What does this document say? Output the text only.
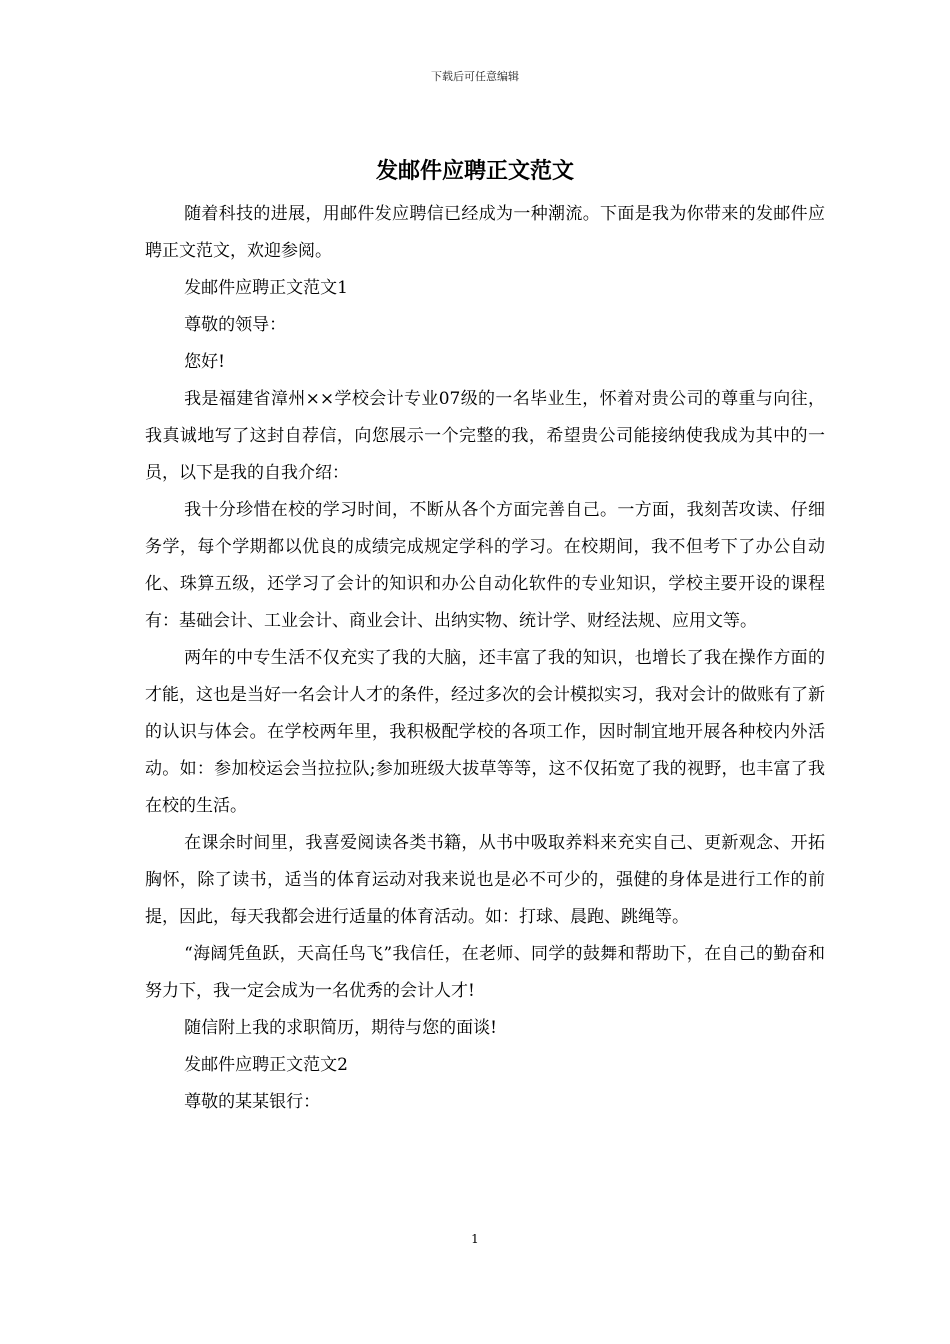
下载后可任意编辑
发邮件应聘正文范文

随着科技的进展，用邮件发应聘信已经成为一种潮流。下面是我为你带来的发邮件应聘正文范文，欢迎参阅。

发邮件应聘正文范文1

尊敬的领导：

您好!

我是福建省漳州××学校会计专业07级的一名毕业生，怀着对贵公司的尊重与向往，我真诚地写了这封自荐信，向您展示一个完整的我，希望贵公司能接纳使我成为其中的一员，以下是我的自我介绍：

我十分珍惜在校的学习时间，不断从各个方面完善自己。一方面，我刻苦攻读、仔细务学，每个学期都以优良的成绩完成规定学科的学习。在校期间，我不但考下了办公自动化、珠算五级，还学习了会计的知识和办公自动化软件的专业知识，学校主要开设的课程有：基础会计、工业会计、商业会计、出纳实物、统计学、财经法规、应用文等。

两年的中专生活不仅充实了我的大脑，还丰富了我的知识，也增长了我在操作方面的才能，这也是当好一名会计人才的条件，经过多次的会计模拟实习，我对会计的做账有了新的认识与体会。在学校两年里，我积极配学校的各项工作，因时制宜地开展各种校内外活动。如：参加校运会当拉拉队;参加班级大拔草等等，这不仅拓宽了我的视野，也丰富了我在校的生活。

在课余时间里，我喜爱阅读各类书籍，从书中吸取养料来充实自己、更新观念、开拓胸怀，除了读书，适当的体育运动对我来说也是必不可少的，强健的身体是进行工作的前提，因此，每天我都会进行适量的体育活动。如：打球、晨跑、跳绳等。

“海阔凭鱼跃，天高任鸟飞”我信任，在老师、同学的鼓舞和帮助下，在自己的勤奋和努力下，我一定会成为一名优秀的会计人才!

随信附上我的求职简历，期待与您的面谈!

发邮件应聘正文范文2

尊敬的某某银行：

1
